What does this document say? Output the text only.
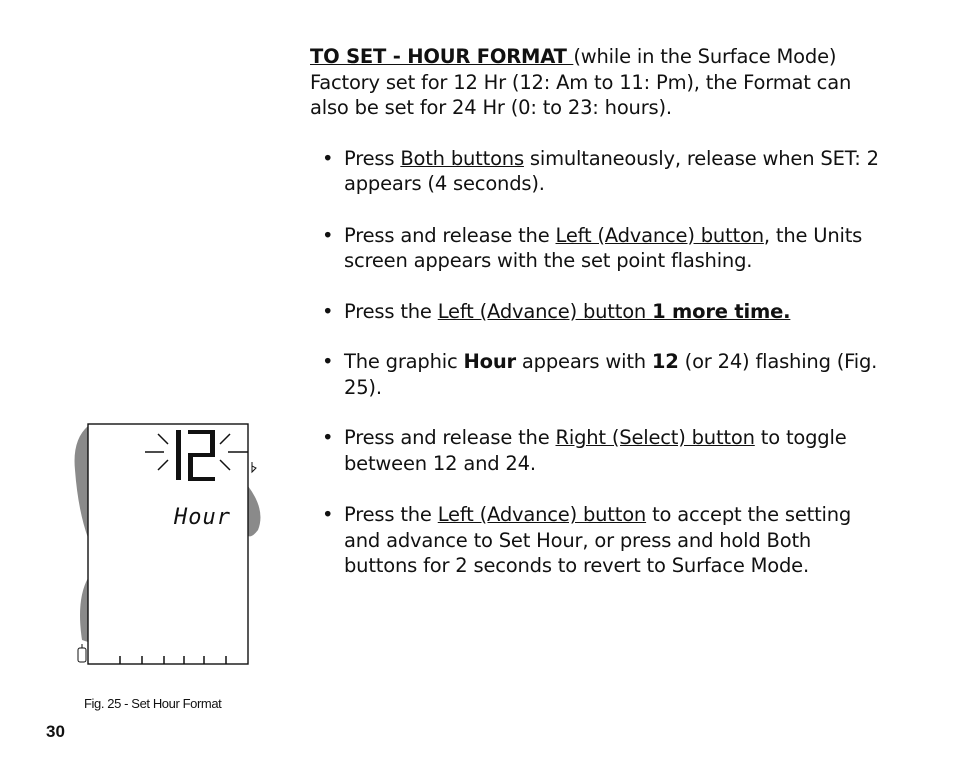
TO SET - HOUR FORMAT (while in the Surface Mode)
Factory set for 12 Hr (12: Am to 11: Pm), the Format can also be set for 24 Hr (0: to 23: hours).

• Press Both buttons simultaneously, release when SET: 2 appears (4 seconds).
• Press and release the Left (Advance) button, the Units screen appears with the set point flashing.
• Press the Left (Advance) button 1 more time.
• The graphic Hour appears with 12 (or 24) flashing (Fig. 25).
• Press and release the Right (Select) button to toggle between 12 and 24.
• Press the Left (Advance) button to accept the setting and advance to Set Hour, or press and hold Both buttons for 2 seconds to revert to Surface Mode.
Hour
Fig. 25 - Set Hour Format
30
